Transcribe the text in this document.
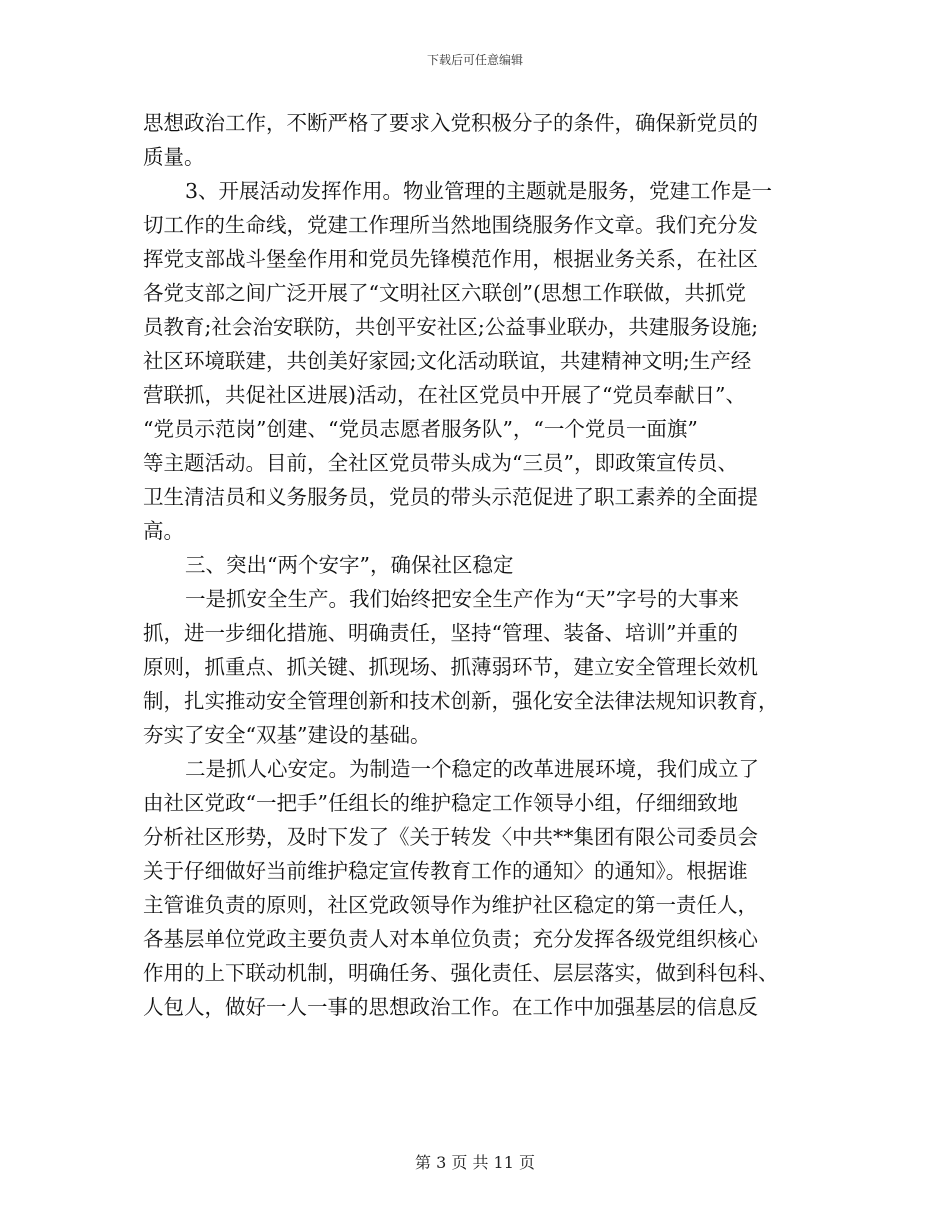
下载后可任意编辑
思想政治工作，不断严格了要求入党积极分子的条件，确保新党员的
质量。
3、开展活动发挥作用。物业管理的主题就是服务，党建工作是一
切工作的生命线，党建工作理所当然地围绕服务作文章。我们充分发
挥党支部战斗堡垒作用和党员先锋模范作用，根据业务关系，在社区
各党支部之间广泛开展了“文明社区六联创”(思想工作联做，共抓党
员教育;社会治安联防，共创平安社区;公益事业联办，共建服务设施;
社区环境联建，共创美好家园;文化活动联谊，共建精神文明;生产经
营联抓，共促社区进展)活动，在社区党员中开展了“党员奉献日”、
“党员示范岗”创建、“党员志愿者服务队”，“一个党员一面旗”
等主题活动。目前，全社区党员带头成为“三员”，即政策宣传员、
卫生清洁员和义务服务员，党员的带头示范促进了职工素养的全面提
高。
三、突出“两个安字”，确保社区稳定
一是抓安全生产。我们始终把安全生产作为“天”字号的大事来
抓，进一步细化措施、明确责任，坚持“管理、装备、培训”并重的
原则，抓重点、抓关键、抓现场、抓薄弱环节，建立安全管理长效机
制，扎实推动安全管理创新和技术创新，强化安全法律法规知识教育，
夯实了安全“双基”建设的基础。
二是抓人心安定。为制造一个稳定的改革进展环境，我们成立了
由社区党政“一把手”任组长的维护稳定工作领导小组，仔细细致地
分析社区形势，及时下发了《关于转发〈中共**集团有限公司委员会
关于仔细做好当前维护稳定宣传教育工作的通知〉的通知》。根据谁
主管谁负责的原则，社区党政领导作为维护社区稳定的第一责任人，
各基层单位党政主要负责人对本单位负责；充分发挥各级党组织核心
作用的上下联动机制，明确任务、强化责任、层层落实，做到科包科、
人包人，做好一人一事的思想政治工作。在工作中加强基层的信息反
第 3 页 共 11 页
